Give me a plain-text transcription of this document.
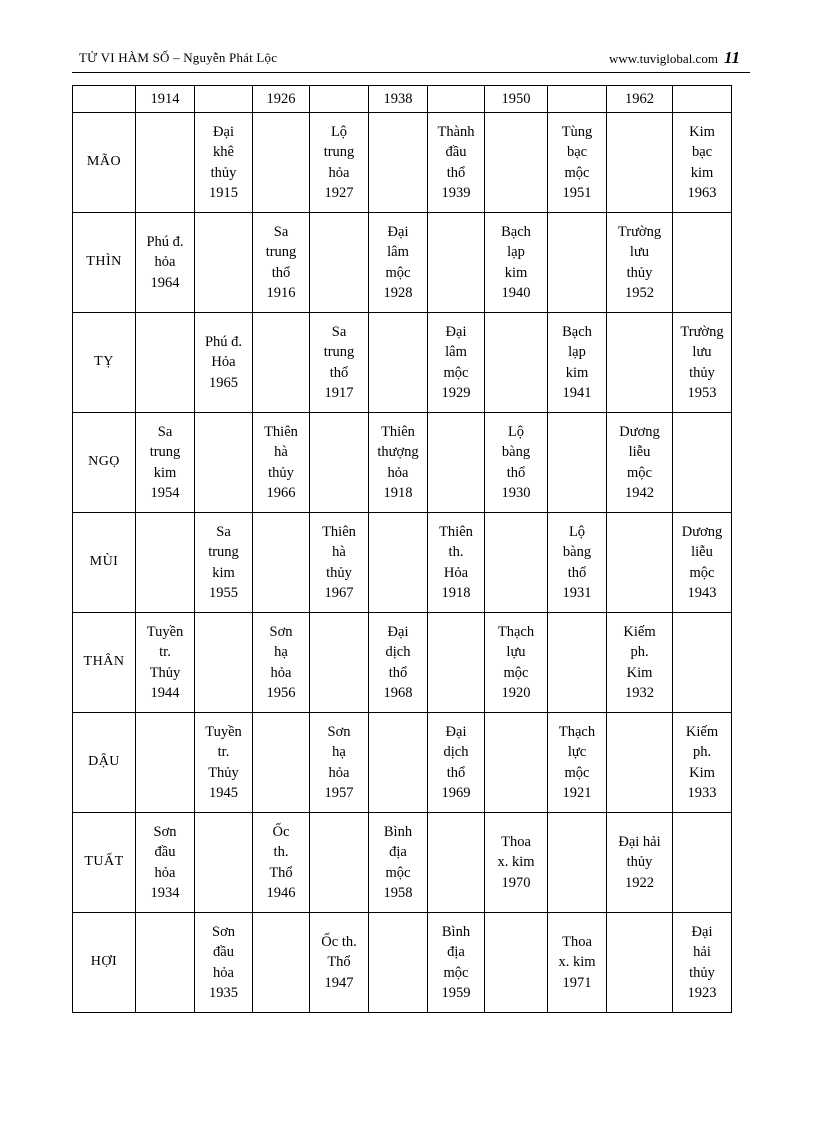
TỬ VI HÀM SỐ – Nguyễn Phát Lộc	www.tuviglobal.com 11
	1914		1926		1938		1950		1962	
MÃO		Đại
khê
thủy
1915		Lộ
trung
hỏa
1927		Thành
đầu
thổ
1939		Tùng
bạc
mộc
1951		Kim
bạc
kim
1963

THÌN	Phú đ.
hỏa
1964		Sa
trung
thổ
1916		Đại
lâm
mộc
1928		Bạch
lạp
kim
1940		Trường
lưu
thủy
1952	

TỴ		Phú đ.
Hỏa
1965		Sa
trung
thổ
1917		Đại
lâm
mộc
1929		Bạch
lạp
kim
1941		Trường
lưu
thủy
1953

NGỌ	Sa
trung
kim
1954		Thiên
hà
thủy
1966		Thiên
thượng
hỏa
1918		Lộ
bàng
thổ
1930		Dương
liễu
mộc
1942	

MÙI		Sa
trung
kim
1955		Thiên
hà
thủy
1967		Thiên
th.
Hỏa
1918		Lộ
bàng
thổ
1931		Dương
liễu
mộc
1943

THÂN	Tuyền
tr.
Thủy
1944		Sơn
hạ
hỏa
1956		Đại
dịch
thổ
1968		Thạch
lựu
mộc
1920		Kiếm
ph.
Kim
1932	

DẬU		Tuyền
tr.
Thủy
1945		Sơn
hạ
hỏa
1957		Đại
dịch
thổ
1969		Thạch
lực
mộc
1921		Kiếm
ph.
Kim
1933

TUẤT	Sơn
đầu
hỏa
1934		Ốc
th.
Thổ
1946		Bình
địa
mộc
1958		Thoa
x. kim
1970		Đại hải
thủy
1922	

HỢI		Sơn
đầu
hỏa
1935		Ốc th.
Thổ
1947		Bình
địa
mộc
1959		Thoa
x. kim
1971		Đại
hải
thủy
1923
